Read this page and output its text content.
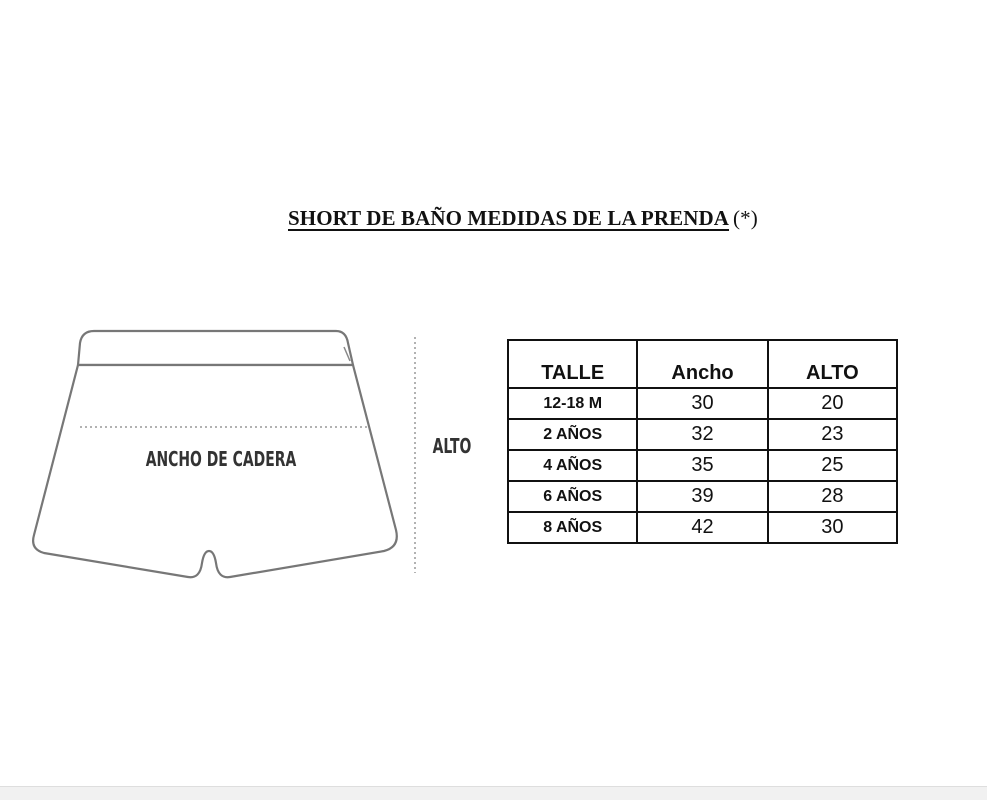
SHORT DE BAÑO MEDIDAS DE LA PRENDA (*)
ANCHO DE CADERA
ALTO
TALLE	Ancho	ALTO
12-18 M	30	20
2 AÑOS	32	23
4 AÑOS	35	25
6 AÑOS	39	28
8 AÑOS	42	30
